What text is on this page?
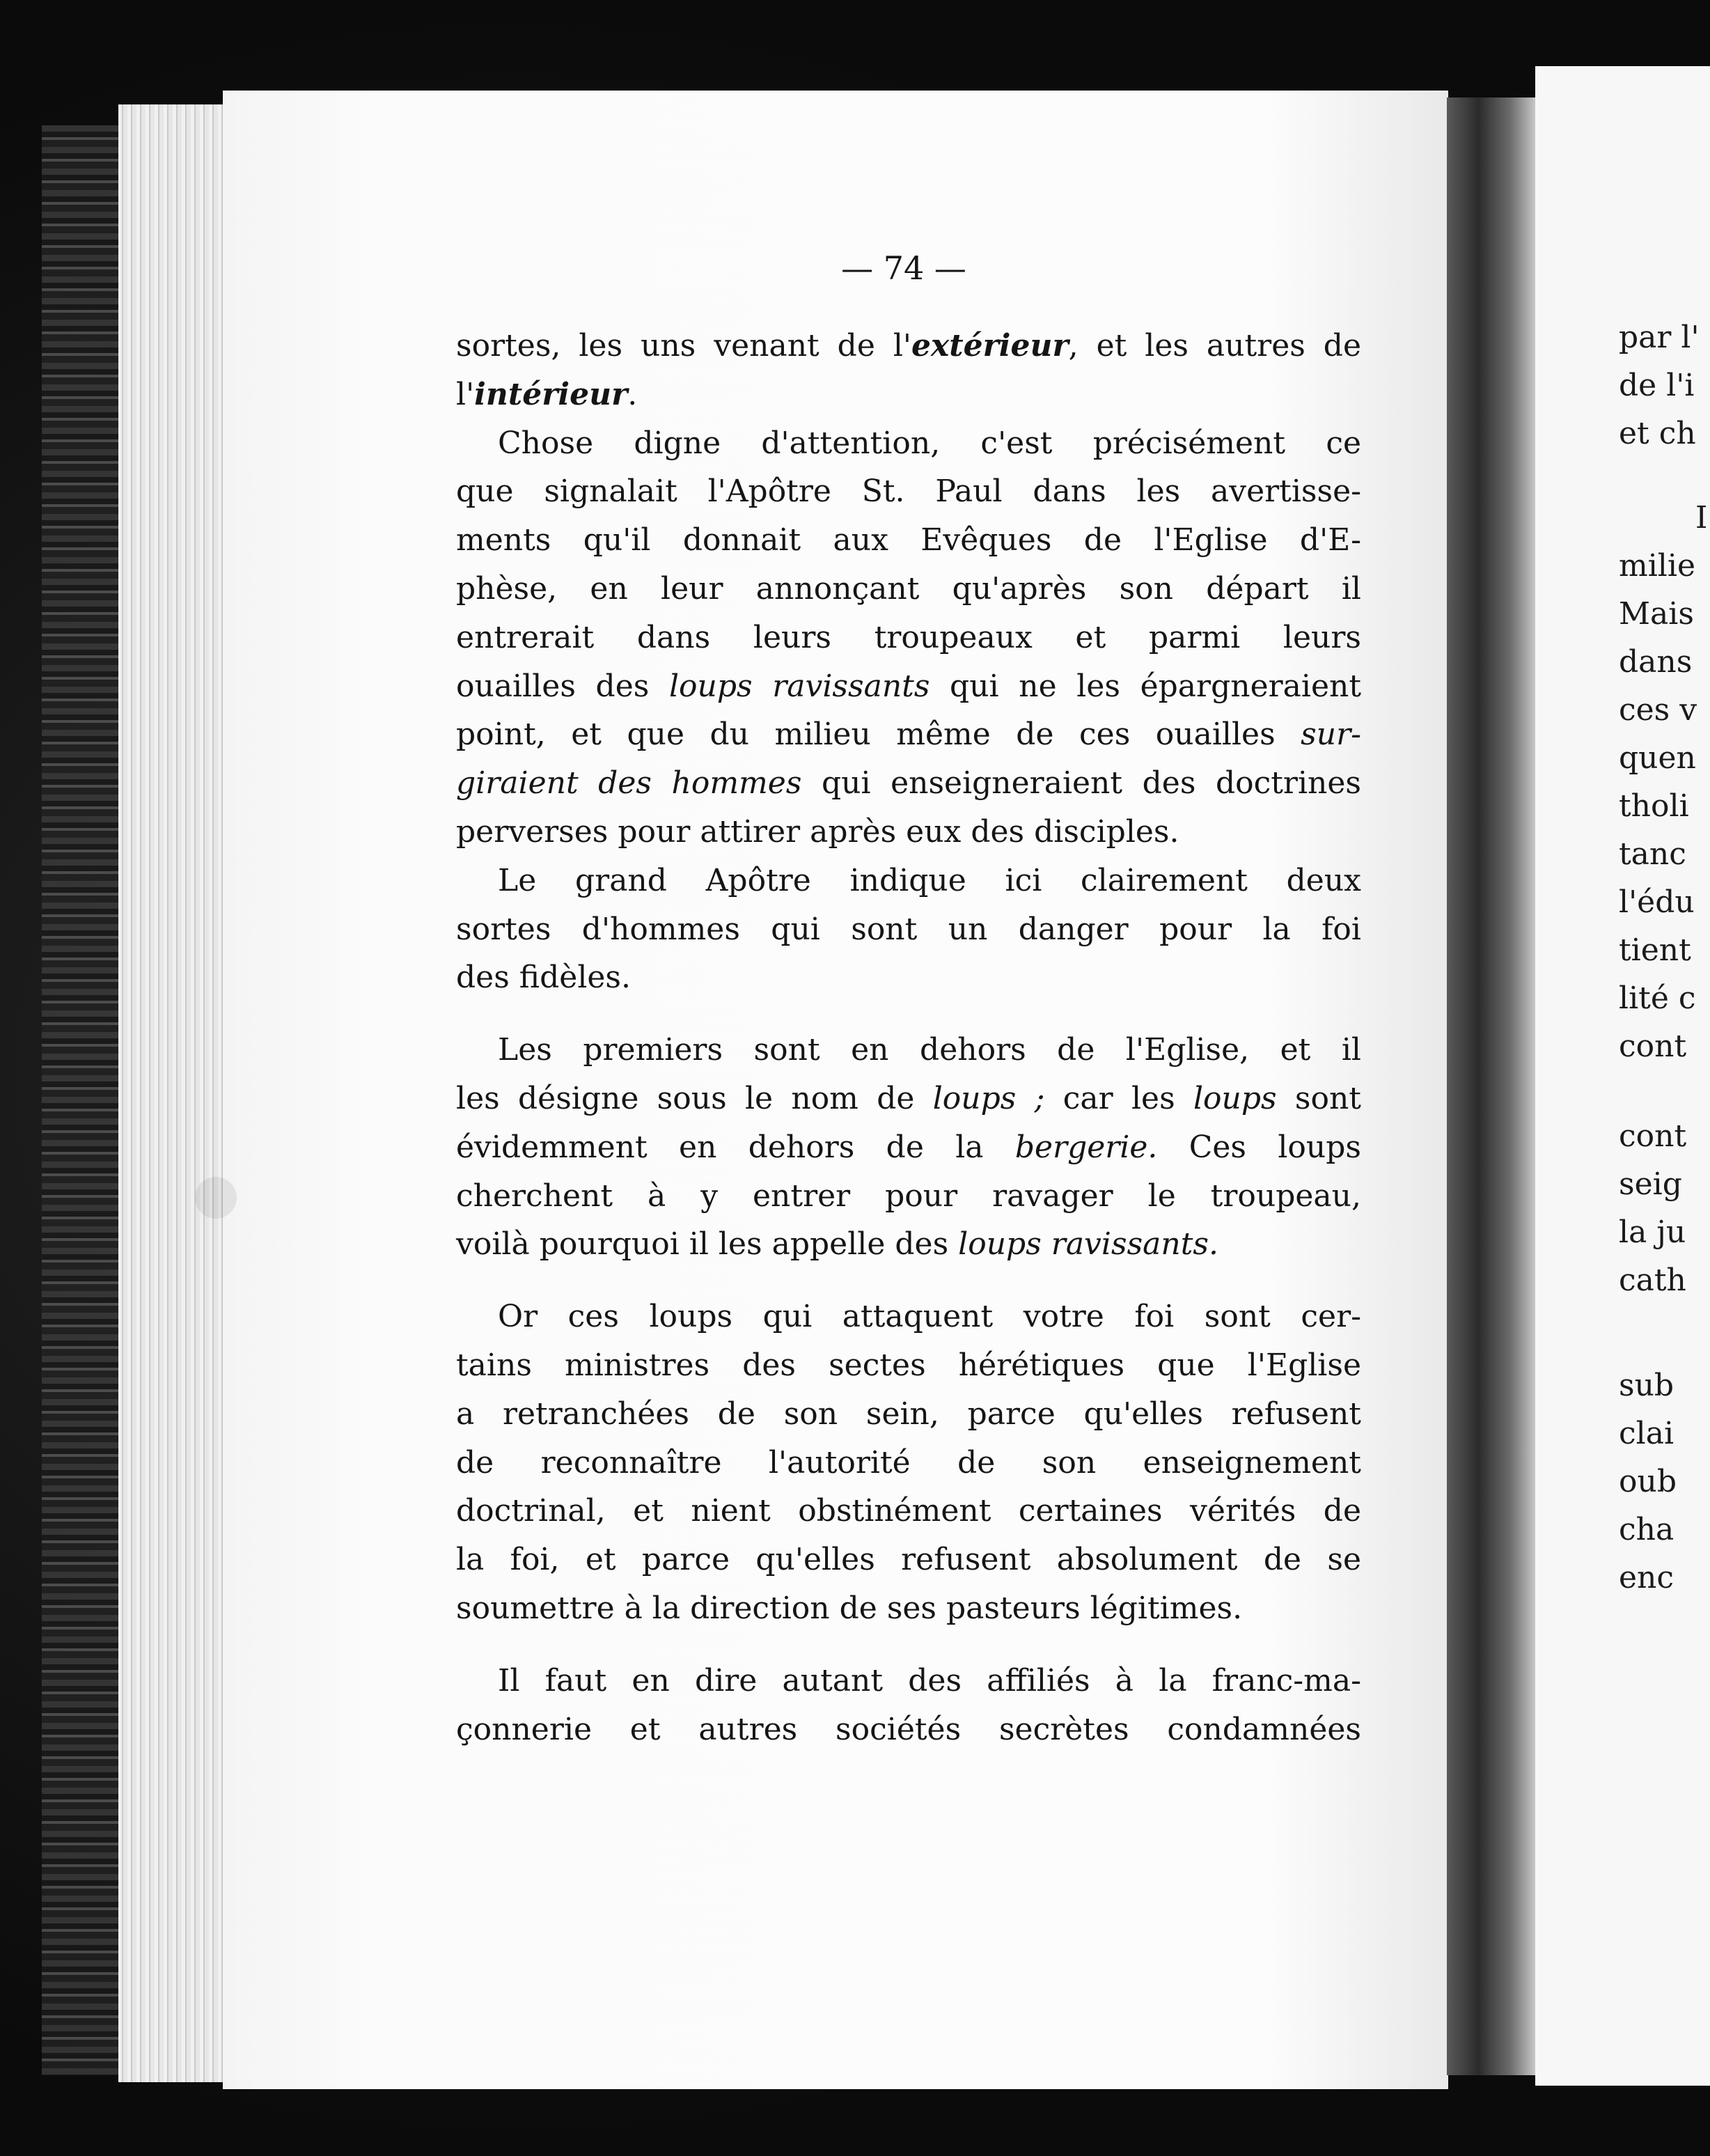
— 74 —

sortes, les uns venant de l'extérieur, et les autres de
l'intérieur.

Chose digne d'attention, c'est précisément ce
que signalait l'Apôtre St. Paul dans les avertisse-
ments qu'il donnait aux Evêques de l'Eglise d'E-
phèse, en leur annonçant qu'après son départ il
entrerait dans leurs troupeaux et parmi leurs
ouailles des loups ravissants qui ne les épargneraient
point, et que du milieu même de ces ouailles sur-
giraient des hommes qui enseigneraient des doctrines
perverses pour attirer après eux des disciples.

Le grand Apôtre indique ici clairement deux
sortes d'hommes qui sont un danger pour la foi
des fidèles.

Les premiers sont en dehors de l'Eglise, et il
les désigne sous le nom de loups ; car les loups sont
évidemment en dehors de la bergerie. Ces loups
cherchent à y entrer pour ravager le troupeau,
voilà pourquoi il les appelle des loups ravissants.

Or ces loups qui attaquent votre foi sont cer-
tains ministres des sectes hérétiques que l'Eglise
a retranchées de son sein, parce qu'elles refusent
de reconnaître l'autorité de son enseignement
doctrinal, et nient obstinément certaines vérités de
la foi, et parce qu'elles refusent absolument de se
soumettre à la direction de ses pasteurs légitimes.

Il faut en dire autant des affiliés à la franc-ma-
çonnerie et autres sociétés secrètes condamnées

par l'
de l'i
et ch
I
milie
Mais
dans
ces v
quen
tholi
tanc
l'édu
tient
lité c
cont
cont
seig
la ju
cath
sub
clai
oub
cha
enc
